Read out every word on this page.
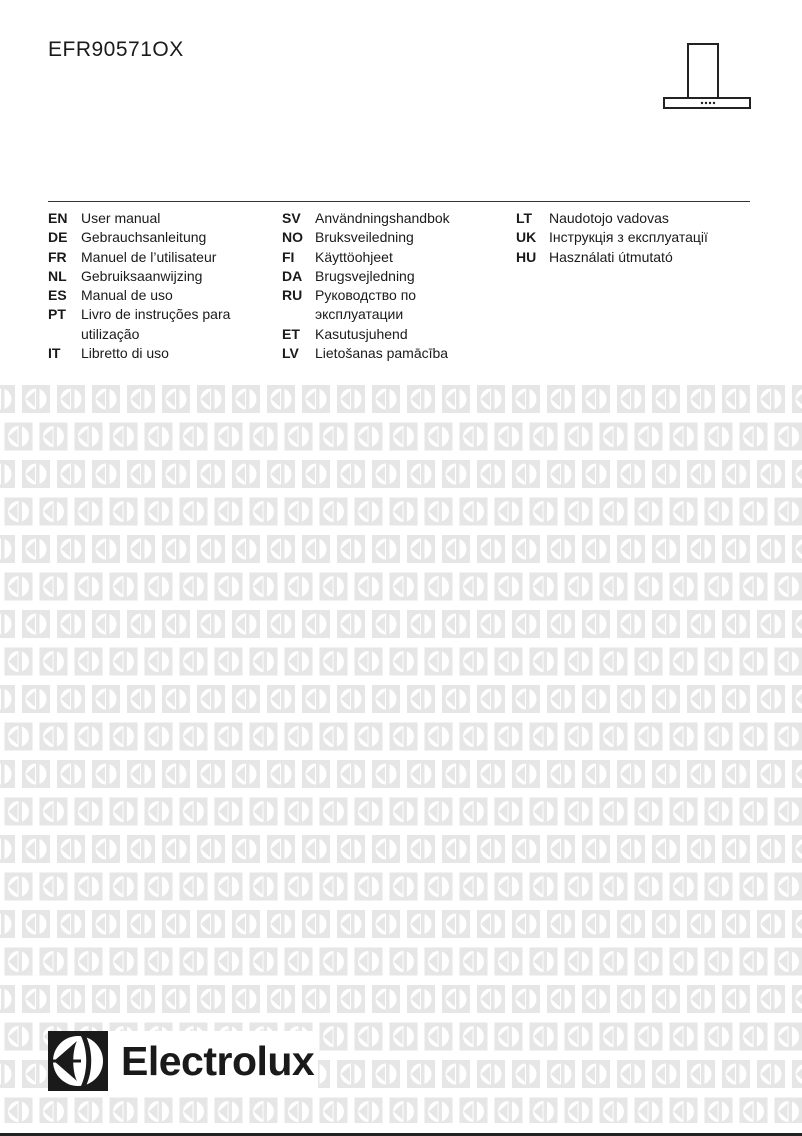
EFR90571OX
EN User manual
DE Gebrauchsanleitung
FR	Manuel de l’utilisateur
NL	Gebruiksaanwijzing
ES	Manual de uso
PT	Livro de instruções para
utilização
IT	Libretto di uso
SV	Användningshandbok
NO Bruksveiledning
FI	Käyttöohjeet
DA Brugsvejledning
RU Руководство по
эксплуатации
ET	Kasutusjuhend
LV	Lietošanas pamācība
LT	Naudotojo vadovas
UK Інструкція з експлуатації
HU Használati útmutató
Electrolux
